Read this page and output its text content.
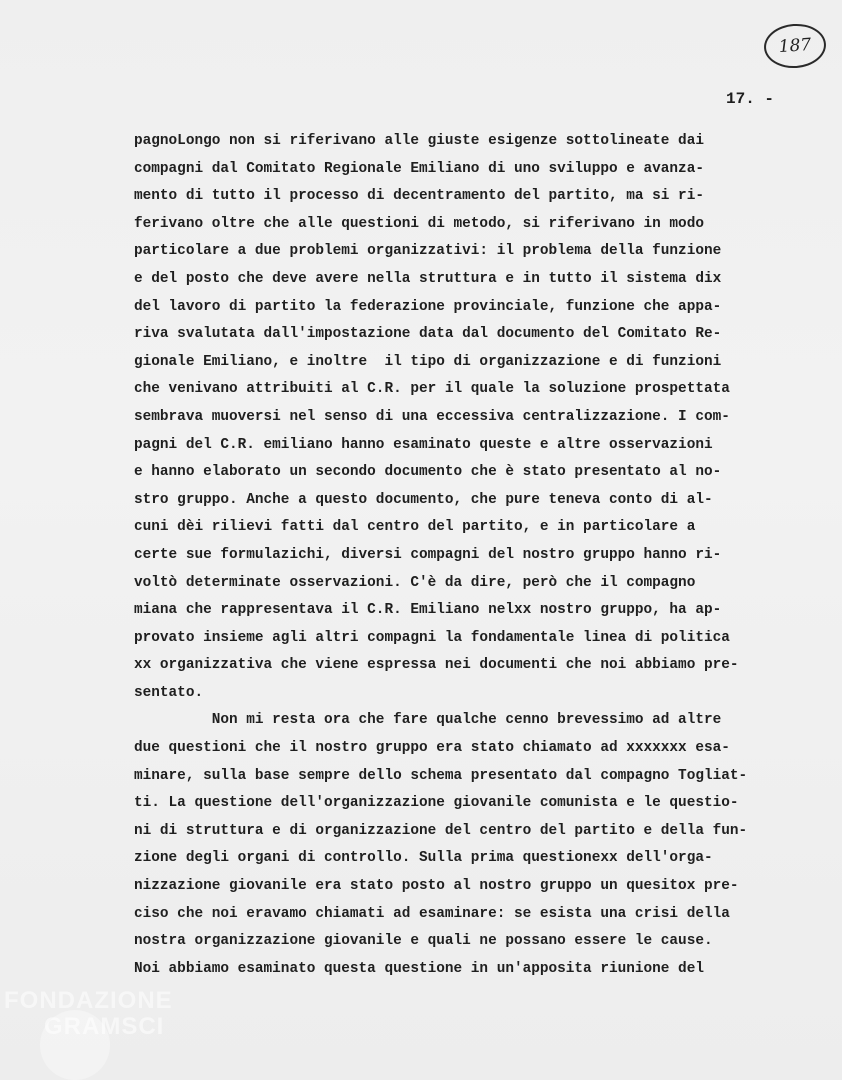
187
17. -
pagnoLongo non si riferivano alle giuste esigenze sottolineate dai
compagni dal Comitato Regionale Emiliano di uno sviluppo e avanza-
mento di tutto il processo di decentramento del partito, ma si ri-
ferivano oltre che alle questioni di metodo, si riferivano in modo
particolare a due problemi organizzativi: il problema della funzione
e del posto che deve avere nella struttura e in tutto il sistema dix
del lavoro di partito la federazione provinciale, funzione che appa-
riva svalutata dall'impostazione data dal documento del Comitato Re-
gionale Emiliano, e inoltre  il tipo di organizzazione e di funzioni
che venivano attribuiti al C.R. per il quale la soluzione prospettata
sembrava muoversi nel senso di una eccessiva centralizzazione. I com-
pagni del C.R. emiliano hanno esaminato queste e altre osservazioni
e hanno elaborato un secondo documento che è stato presentato al no-
stro gruppo. Anche a questo documento, che pure teneva conto di al-
cuni dèi rilievi fatti dal centro del partito, e in particolare a
certe sue formulazichi, diversi compagni del nostro gruppo hanno ri-
voltò determinate osservazioni. C'è da dire, però che il compagno
miana che rappresentava il C.R. Emiliano nelxx nostro gruppo, ha ap-
provato insieme agli altri compagni la fondamentale linea di politica
xx organizzativa che viene espressa nei documenti che noi abbiamo pre-
sentato.
Non mi resta ora che fare qualche cenno brevessimo ad altre
due questioni che il nostro gruppo era stato chiamato ad xxxxxxx esa-
minare, sulla base sempre dello schema presentato dal compagno Togliat-
ti. La questione dell'organizzazione giovanile comunista e le questio-
ni di struttura e di organizzazione del centro del partito e della fun-
zione degli organi di controllo. Sulla prima questionexx dell'orga-
nizzazione giovanile era stato posto al nostro gruppo un quesitox pre-
ciso che noi eravamo chiamati ad esaminare: se esista una crisi della
nostra organizzazione giovanile e quali ne possano essere le cause.
Noi abbiamo esaminato questa questione in un'apposita riunione del

FONDAZIONE
GRAMSCI
